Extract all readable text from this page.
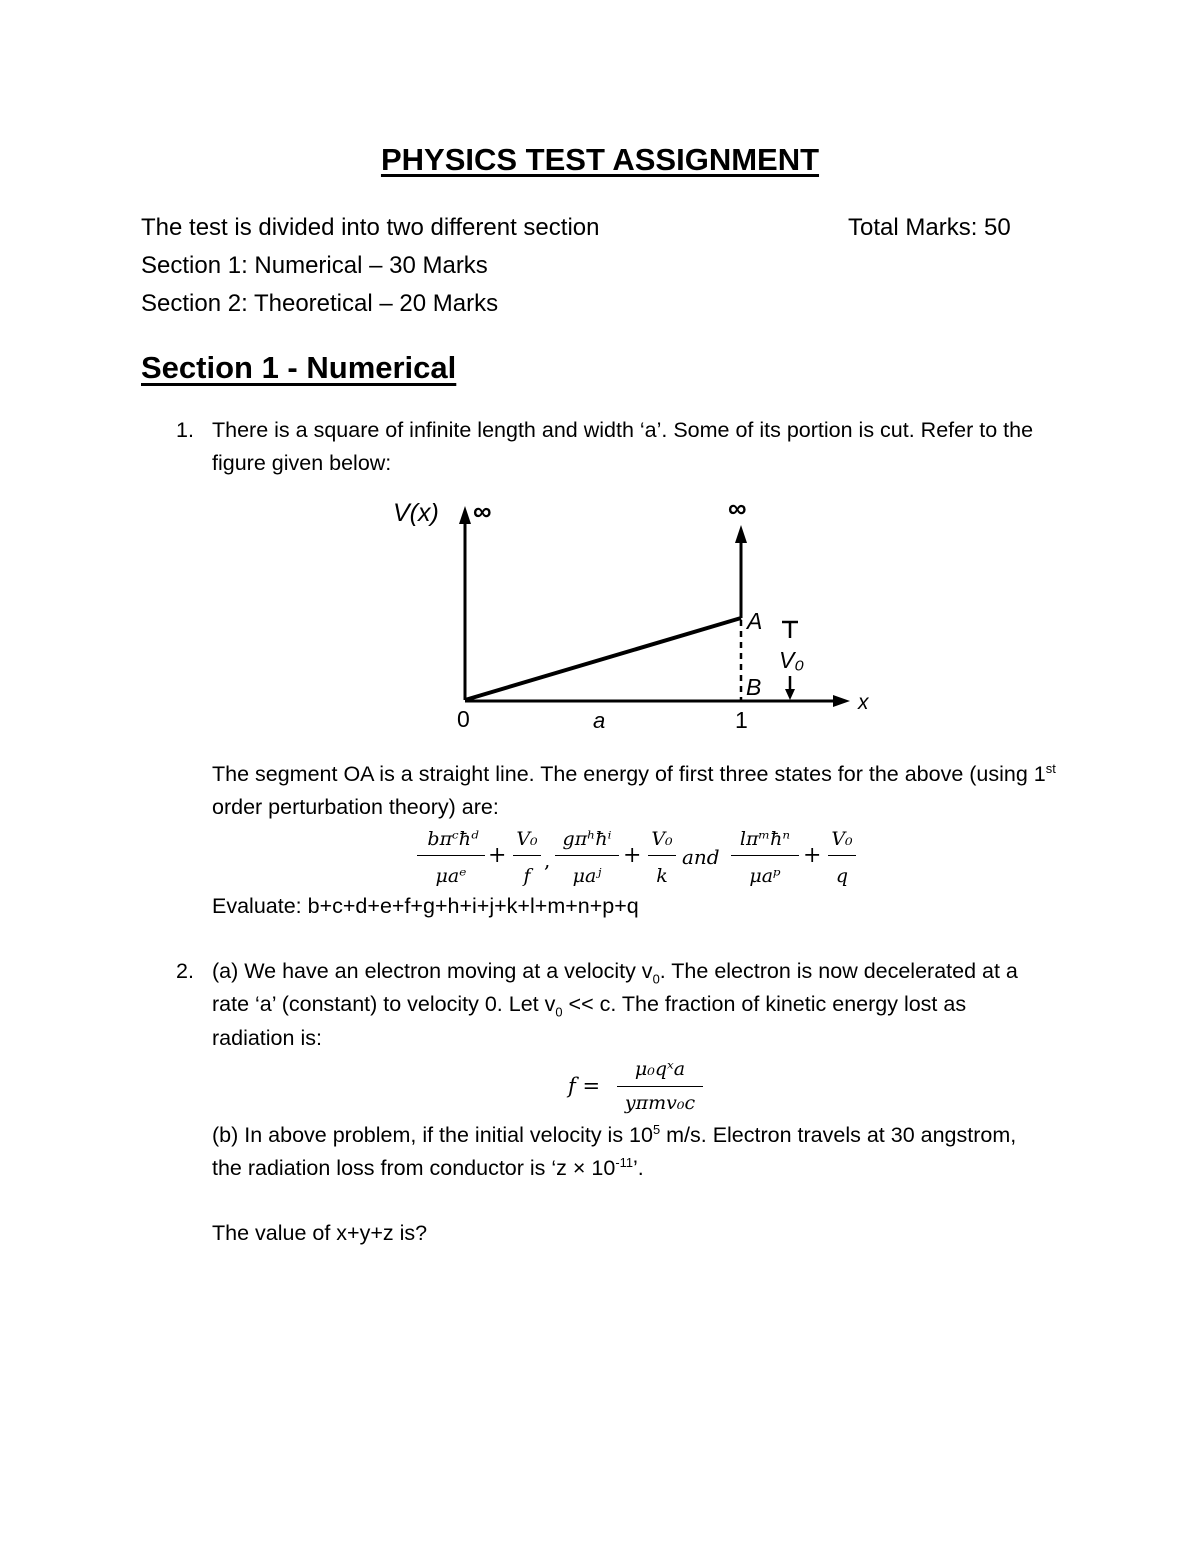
PHYSICS TEST ASSIGNMENT
The test is divided into two different section	Total Marks: 50
Section 1: Numerical – 30 Marks
Section 2: Theoretical – 20 Marks
Section 1 - Numerical
1. There is a square of infinite length and width ‘a’. Some of its portion is cut. Refer to the
figure given below:
V(x) ∞	∞
0	a	1
A
B
V₀
x
The segment OA is a straight line. The energy of first three states for the above (using 1st
order perturbation theory) are:
bπᶜħᵈ
μaᵉ
+
V₀
f
,
gπʰħⁱ
μaʲ
+
V₀
k
and
lπᵐħⁿ
μaᵖ
+
V₀
q
Evaluate: b+c+d+e+f+g+h+i+j+k+l+m+n+p+q
2. (a) We have an electron moving at a velocity $v_0$. The electron is now decelerated at a
rate ‘a’ (constant) to velocity 0. Let $v_0 << c$. The fraction of kinetic energy lost as
radiation is:
f =
μ₀qˣa
yπmv₀c
(b) In above problem, if the initial velocity is $10^5$ m/s. Electron travels at 30 angstrom,
the radiation loss from conductor is ‘$z \times 10^{-11}$’.
The value of x+y+z is?
